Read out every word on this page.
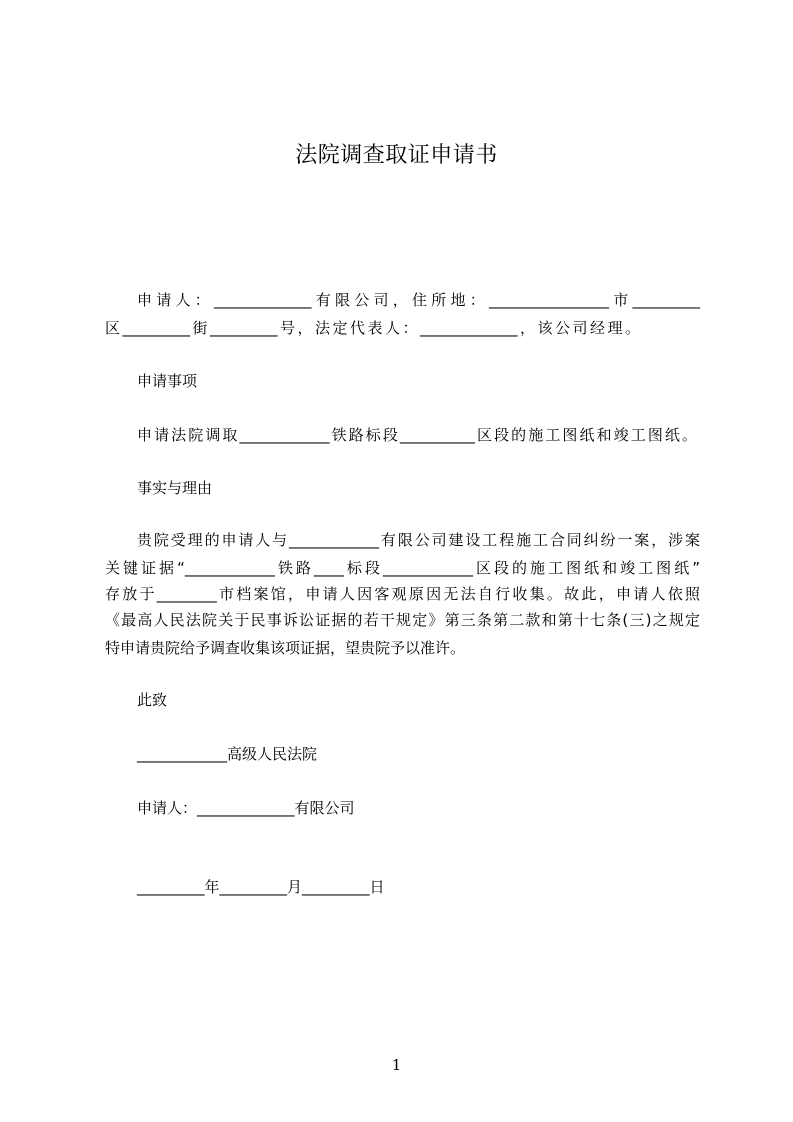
法院调查取证申请书
申请人：_____________有限公司，住所地：________________市_________
区_________街_________号，法定代表人：_____________，该公司经理。
申请事项
申请法院调取____________铁路标段__________区段的施工图纸和竣工图纸。
事实与理由
贵院受理的申请人与____________有限公司建设工程施工合同纠纷一案，涉案
关键证据“____________铁路____标段____________区段的施工图纸和竣工图纸”
存放于________市档案馆，申请人因客观原因无法自行收集。故此，申请人依照
《最高人民法院关于民事诉讼证据的若干规定》第三条第二款和第十七条(三)之规定
特申请贵院给予调查收集该项证据，望贵院予以准许。
此致
____________高级人民法院
申请人：_____________有限公司
_________年_________月_________日
1
